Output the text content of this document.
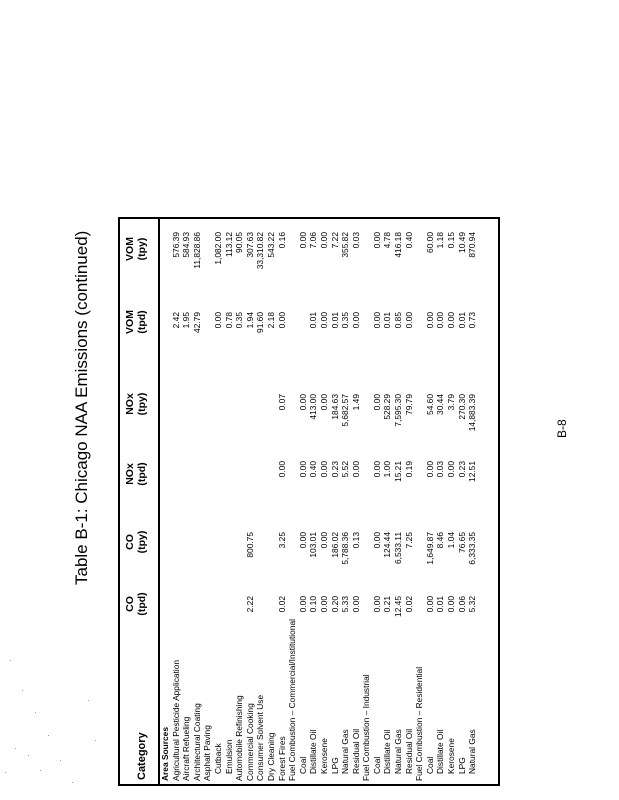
Table B-1: Chicago NAA Emissions (continued)
Category
CO (tpd)
CO (tpy)
NOx (tpd)
NOx (tpy)
VOM (tpd)
VOM (tpy)
Area Sources Agricultural Pesticide Application
2.42
576.39
Aircraft Refueling
1.95
584.93
Architectural Coating
42.79
11,828.86
Asphalt Paving Cutback
0.00
1,082.00
Emulsion
0.78
113.12
Automobile Refinishing
0.35
90.05
Commercial Cooking
2.22
800.75
1.94
307.63
Consumer Solvent Use
91.60
33,310.82
Dry Cleaning
2.18
543.22
Forest Fires
0.02
3.25
0.00
0.07
0.00
0.16
Fuel Combustion – Commercial/Institutional Coal
0.00
0.00
0.00
0.00
0.00
Distillate Oil
0.10
103.01
0.40
413.00
0.01
7.06
Kerosene
0.00
0.00
0.00
0.00
0.00
0.00
LPG
0.20
186.02
0.23
184.63
0.01
7.22
Natural Gas
5.33
5,788.36
5.52
5,682.57
0.35
355.82
Residual Oil
0.00
0.13
0.00
1.49
0.00
0.03
Fuel Combustion – Industrial Coal
0.00
0.00
0.00
0.00
0.00
0.00
Distillate Oil
0.21
124.44
1.00
528.29
0.01
4.78
Natural Gas
12.45
6,533.11
15.21
7,595.30
0.85
416.18
Residual Oil
0.02
7.25
0.19
79.79
0.00
0.40
Fuel Combustion – Residential Coal
0.00
1,649.87
0.00
54.60
0.00
60.00
Distillate Oil
0.01
8.46
0.03
30.44
0.00
1.18
Kerosene
0.00
1.04
0.00
3.79
0.00
0.15
LPG
0.06
76.65
0.23
270.30
0.01
10.49
Natural Gas
5.32
6,333.35
12.51
14,883.39
0.73
870.94
B-8
